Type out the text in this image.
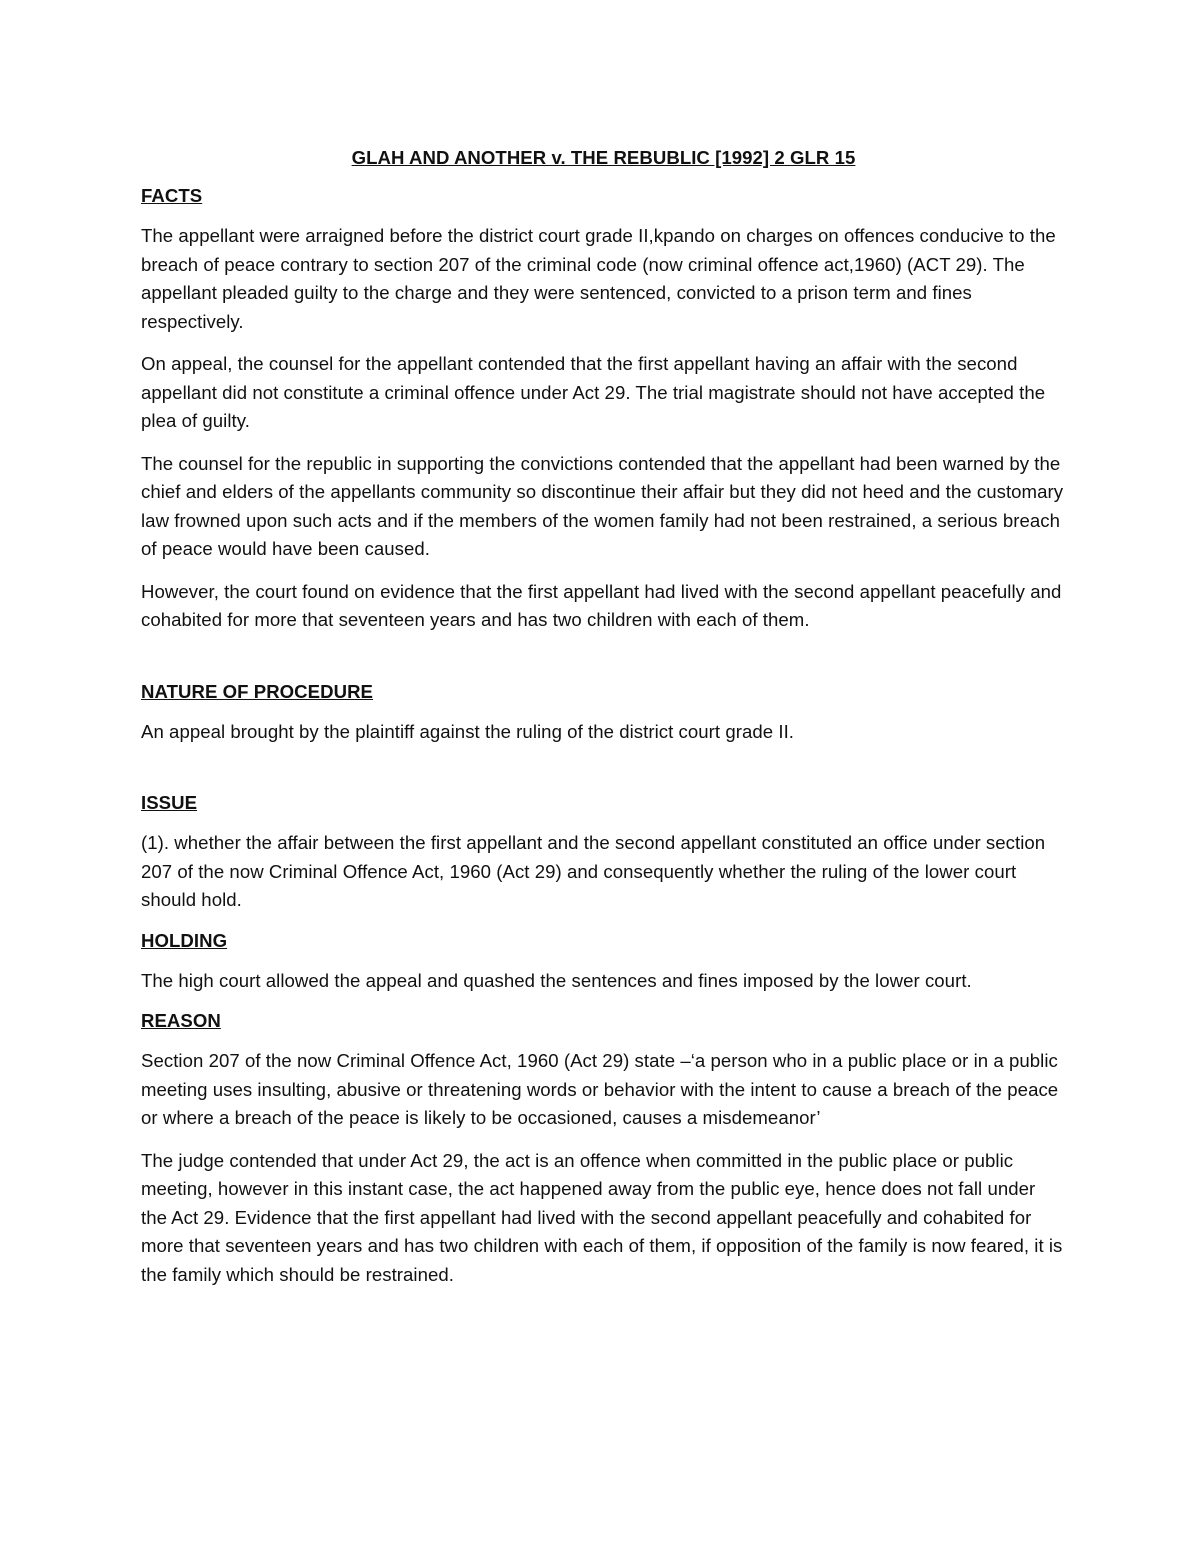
GLAH AND ANOTHER v. THE REBUBLIC [1992] 2 GLR 15
FACTS

The appellant were arraigned before the district court grade II,kpando on charges on offences conducive to the breach of peace contrary to section 207 of the criminal code (now criminal offence act,1960) (ACT 29). The appellant pleaded guilty to the charge and they were sentenced, convicted to a prison term and fines respectively.

On appeal, the counsel for the appellant contended that the first appellant having an affair with the second appellant did not constitute a criminal offence under Act 29. The trial magistrate should not have accepted the plea of guilty.

The counsel for the republic in supporting the convictions contended that the appellant had been warned by the chief and elders of the appellants community so discontinue their affair but they did not heed and the customary law frowned upon such acts and if the members of the women family had not been restrained, a serious breach of peace would have been caused.

However, the court found on evidence that the first appellant had lived with the second appellant peacefully and cohabited for more that seventeen years and has two children with each of them.

NATURE OF PROCEDURE

An appeal brought by the plaintiff against the ruling of the district court grade II.

ISSUE

(1). whether the affair between the first appellant and the second appellant constituted an office under section 207 of the now Criminal Offence Act, 1960 (Act 29) and consequently whether the ruling of the lower court should hold.

HOLDING

The high court allowed the appeal and quashed the sentences and fines imposed by the lower court.

REASON

Section 207 of the now Criminal Offence Act, 1960 (Act 29) state –‘a person who in a public place or in a public meeting uses insulting, abusive or threatening words or behavior with the intent to cause a breach of the peace or where a breach of the peace is likely to be occasioned, causes a misdemeanor’

The judge contended that under Act 29, the act is an offence when committed in the public place or public meeting, however in this instant case, the act happened away from the public eye, hence does not fall under the Act 29. Evidence that the first appellant had lived with the second appellant peacefully and cohabited for more that seventeen years and has two children with each of them, if opposition of the family is now feared, it is the family which should be restrained.
